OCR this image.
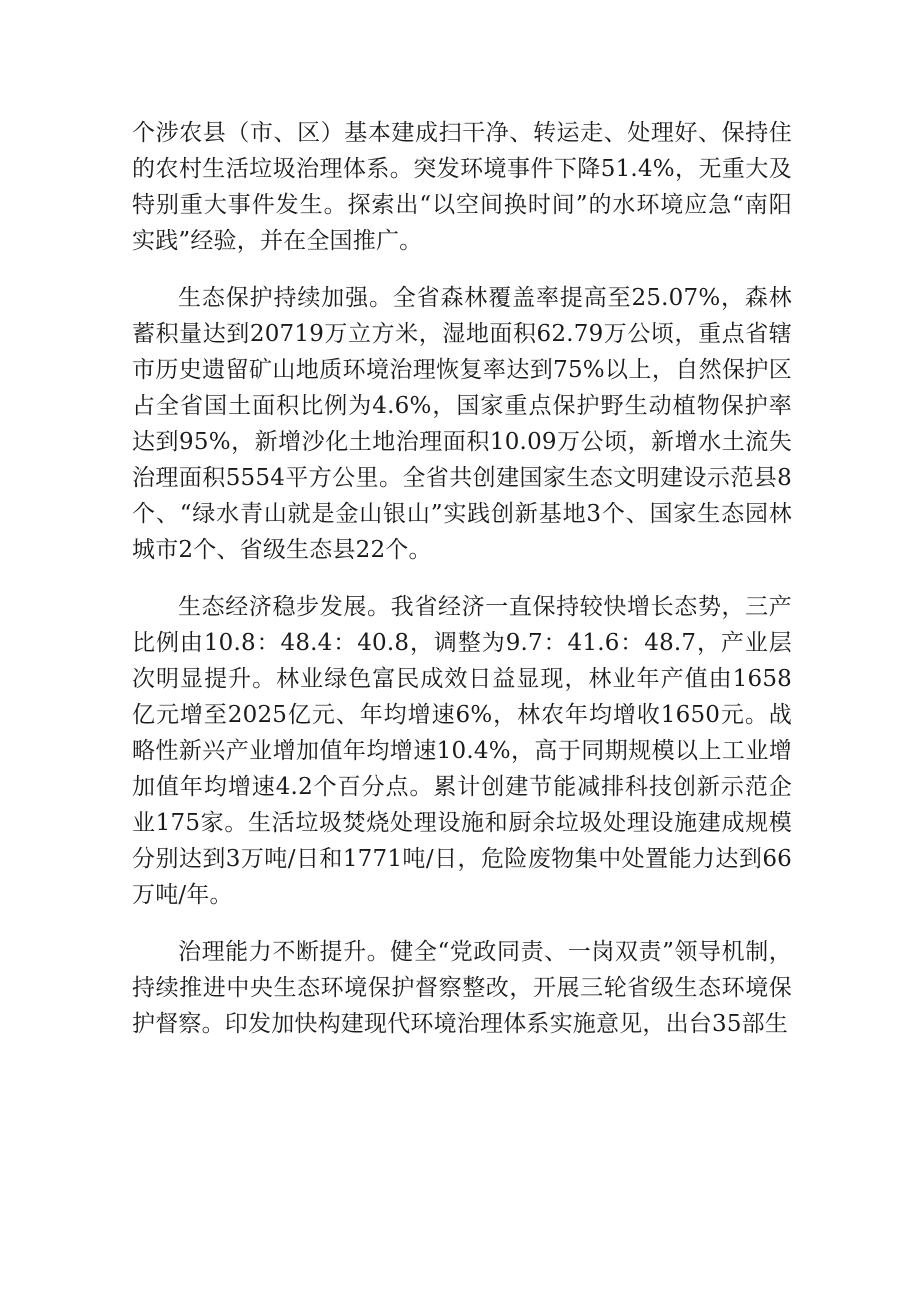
个涉农县（市、区）基本建成扫干净、转运走、处理好、保持住的农村生活垃圾治理体系。突发环境事件下降51.4%，无重大及特别重大事件发生。探索出“以空间换时间”的水环境应急“南阳实践”经验，并在全国推广。

生态保护持续加强。全省森林覆盖率提高至25.07%，森林蓄积量达到20719万立方米，湿地面积62.79万公顷，重点省辖市历史遗留矿山地质环境治理恢复率达到75%以上，自然保护区占全省国土面积比例为4.6%，国家重点保护野生动植物保护率达到95%，新增沙化土地治理面积10.09万公顷，新增水土流失治理面积5554平方公里。全省共创建国家生态文明建设示范县8个、“绿水青山就是金山银山”实践创新基地3个、国家生态园林城市2个、省级生态县22个。

生态经济稳步发展。我省经济一直保持较快增长态势，三产比例由10.8：48.4：40.8，调整为9.7：41.6：48.7，产业层次明显提升。林业绿色富民成效日益显现，林业年产值由1658亿元增至2025亿元、年均增速6%，林农年均增收1650元。战略性新兴产业增加值年均增速10.4%，高于同期规模以上工业增加值年均增速4.2个百分点。累计创建节能减排科技创新示范企业175家。生活垃圾焚烧处理设施和厨余垃圾处理设施建成规模分别达到3万吨/日和1771吨/日，危险废物集中处置能力达到66万吨/年。

治理能力不断提升。健全“党政同责、一岗双责”领导机制，持续推进中央生态环境保护督察整改，开展三轮省级生态环境保护督察。印发加快构建现代环境治理体系实施意见，出台35部生
